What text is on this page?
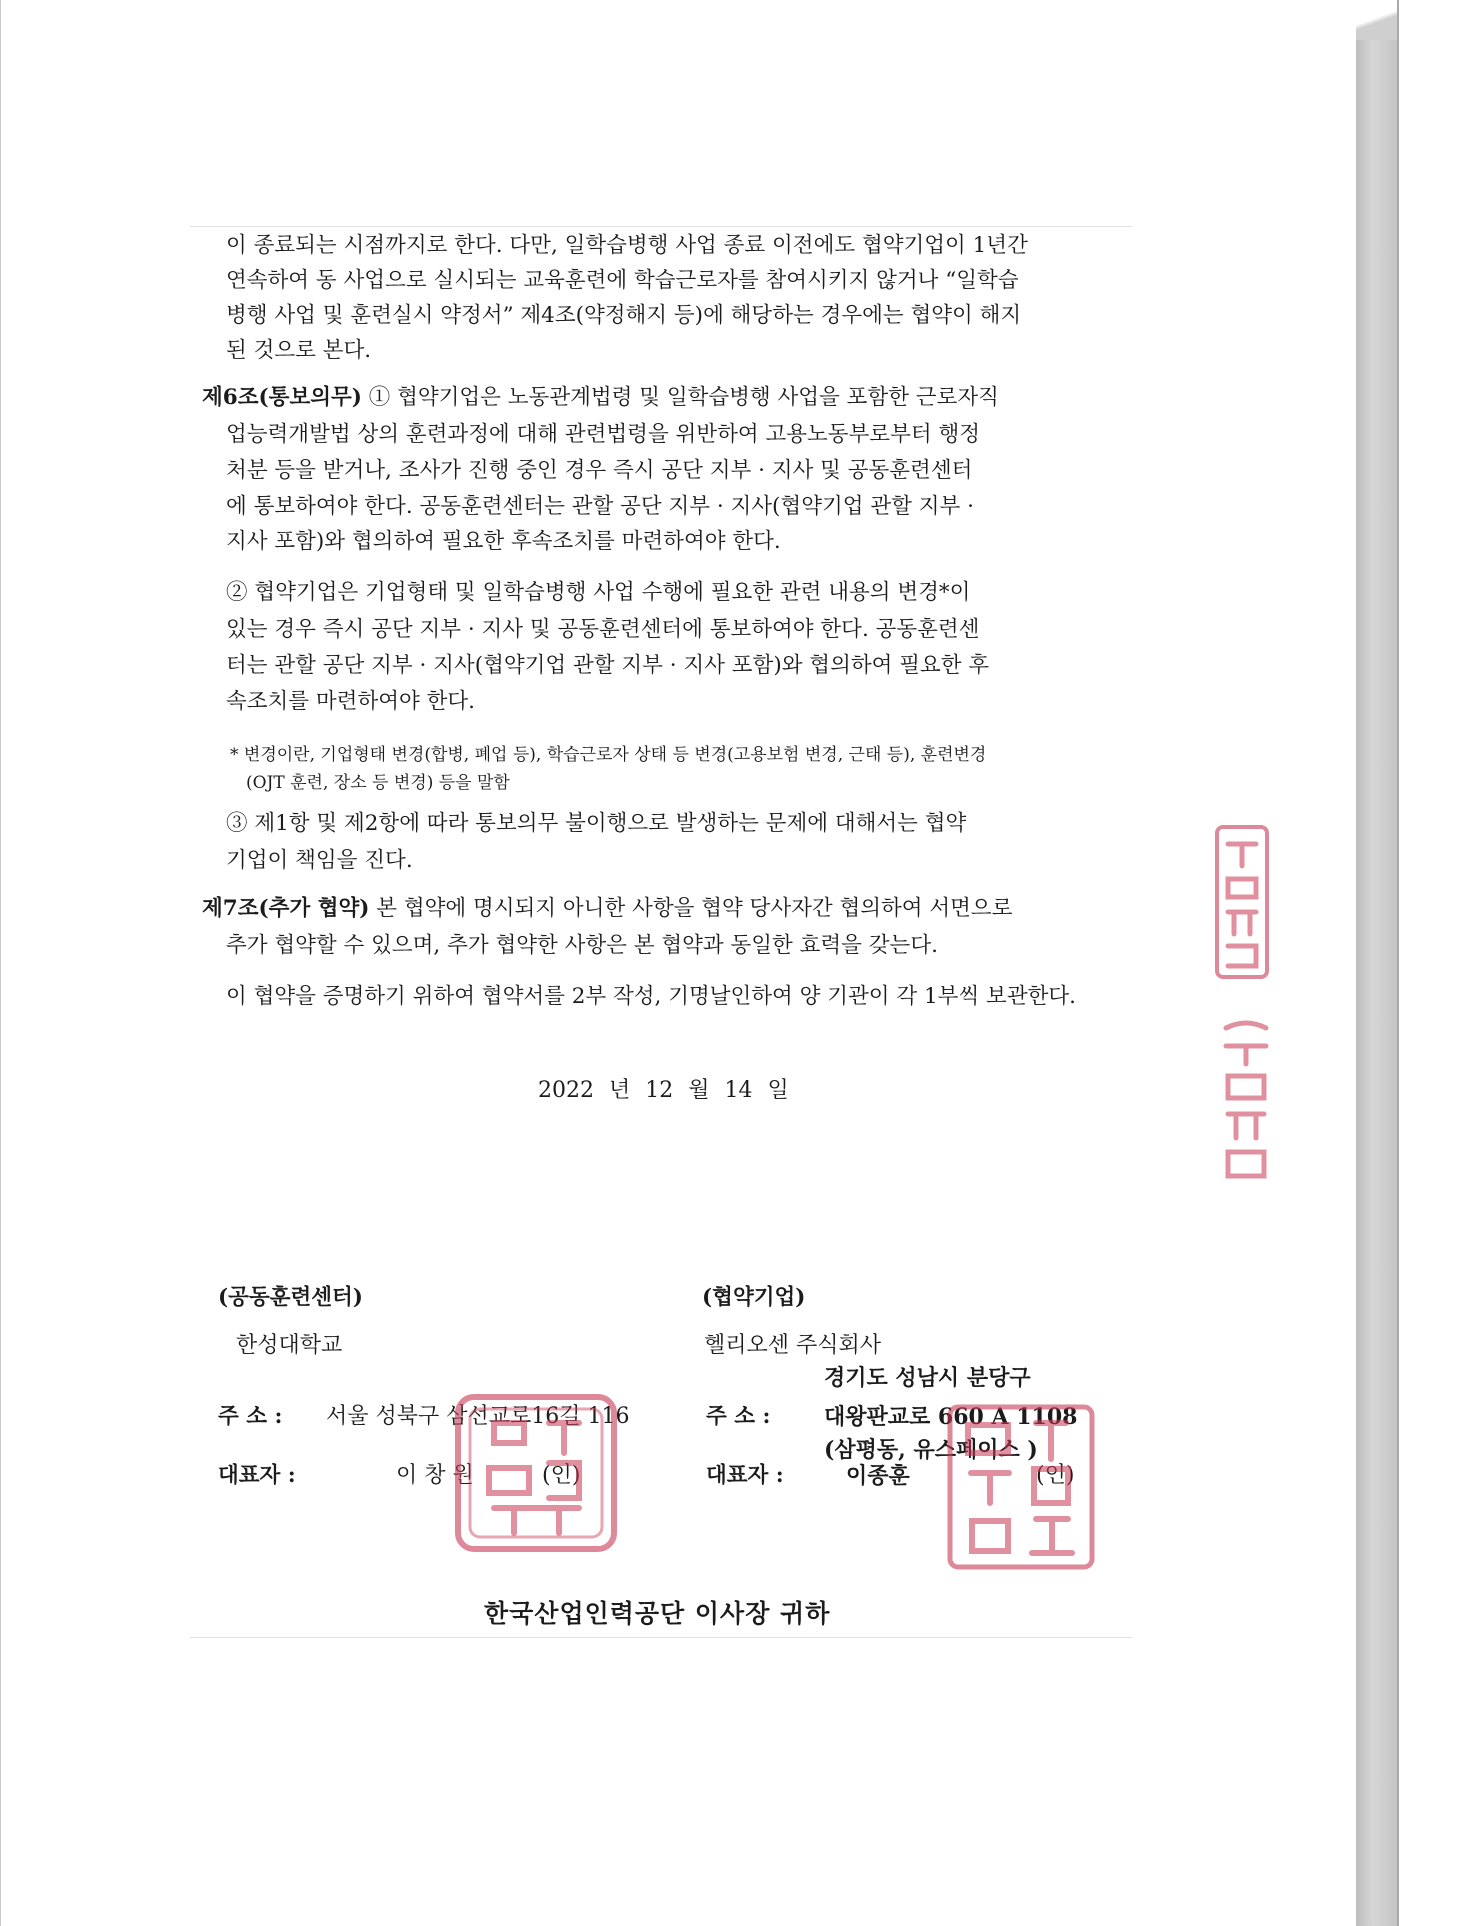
이 종료되는 시점까지로 한다. 다만, 일학습병행 사업 종료 이전에도 협약기업이 1년간
연속하여 동 사업으로 실시되는 교육훈련에 학습근로자를 참여시키지 않거나 “일학습
병행 사업 및 훈련실시 약정서” 제4조(약정해지 등)에 해당하는 경우에는 협약이 해지
된 것으로 본다.
제6조(통보의무) ① 협약기업은 노동관계법령 및 일학습병행 사업을 포함한 근로자직
업능력개발법 상의 훈련과정에 대해 관련법령을 위반하여 고용노동부로부터 행정
처분 등을 받거나, 조사가 진행 중인 경우 즉시 공단 지부 · 지사 및 공동훈련센터
에 통보하여야 한다. 공동훈련센터는 관할 공단 지부 · 지사(협약기업 관할 지부 ·
지사 포함)와 협의하여 필요한 후속조치를 마련하여야 한다.
② 협약기업은 기업형태 및 일학습병행 사업 수행에 필요한 관련 내용의 변경*이
있는 경우 즉시 공단 지부 · 지사 및 공동훈련센터에 통보하여야 한다. 공동훈련센
터는 관할 공단 지부 · 지사(협약기업 관할 지부 · 지사 포함)와 협의하여 필요한 후
속조치를 마련하여야 한다.
* 변경이란, 기업형태 변경(합병, 폐업 등), 학습근로자 상태 등 변경(고용보험 변경, 근태 등), 훈련변경
(OJT 훈련, 장소 등 변경) 등을 말함
③ 제1항 및 제2항에 따라 통보의무 불이행으로 발생하는 문제에 대해서는 협약
기업이 책임을 진다.
제7조(추가 협약) 본 협약에 명시되지 아니한 사항을 협약 당사자간 협의하여 서면으로
추가 협약할 수 있으며, 추가 협약한 사항은 본 협약과 동일한 효력을 갖는다.
이 협약을 증명하기 위하여 협약서를 2부 작성, 기명날인하여 양 기관이 각 1부씩 보관한다.
2022 년 12 월 14 일
(공동훈련센터)
한성대학교
주 소 : 서울 성북구 삼선교로16길 116
대표자 :	이 창 원	(인)
(협약기업)
헬리오센 주식회사
주 소 :
경기도 성남시 분당구
대왕판교로 660 A 1108
(삼평동, 유스페이스 )
대표자 :	이종훈	(인)
한국산업인력공단 이사장 귀하
